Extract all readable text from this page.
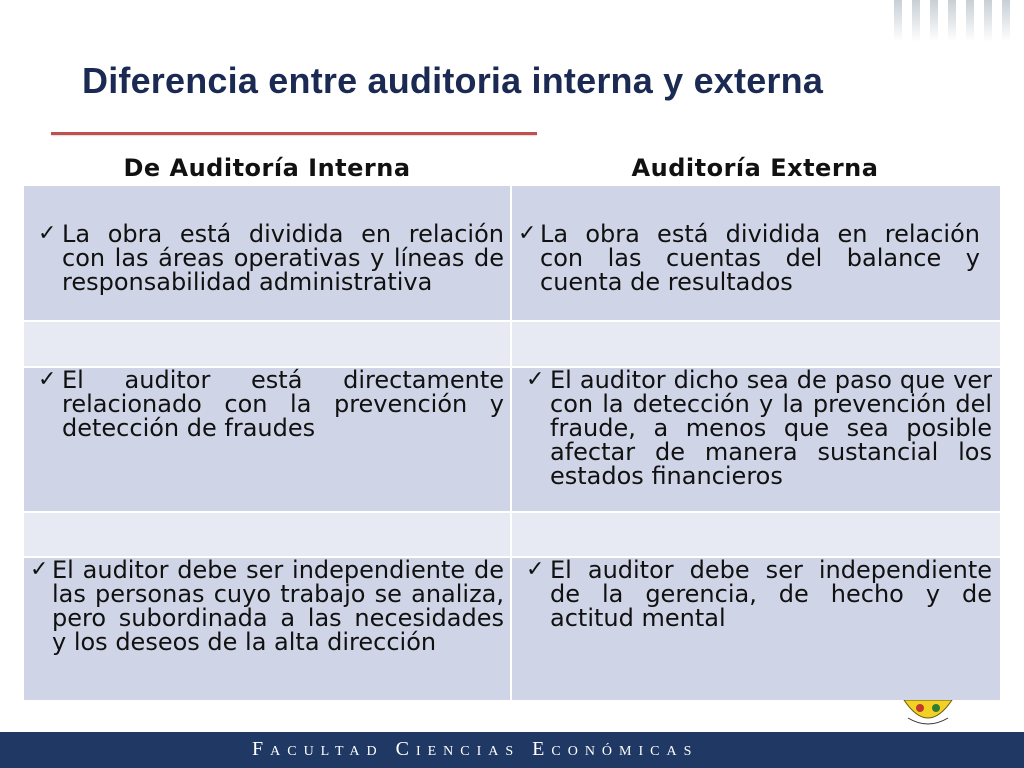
Diferencia entre auditoria interna y externa
De Auditoría Interna	Auditoría Externa
✓ La obra está dividida en relación con las áreas operativas y líneas de responsabilidad administrativa
✓ La obra está dividida en relación con las cuentas del balance y cuenta de resultados
✓ El auditor está directamente relacionado con la prevención y detección de fraudes
✓ El auditor dicho sea de paso que ver con la detección y la prevención del fraude, a menos que sea posible afectar de manera sustancial los estados financieros
✓ El auditor debe ser independiente de las personas cuyo trabajo se analiza, pero subordinada a las necesidades y los deseos de la alta dirección
✓ El auditor debe ser independiente de la gerencia, de hecho y de actitud mental
Facultad Ciencias Económicas
